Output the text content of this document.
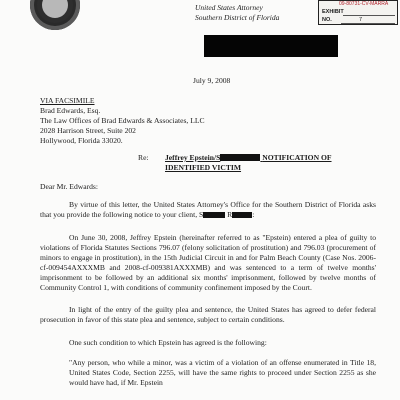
United States Attorney
Southern District of Florida
09-80731-CV-MARRA
EXHIBIT
NO.	7
July 9, 2008
VIA FACSIMILE
Brad Edwards, Esq.
The Law Offices of Brad Edwards & Associates, LLC
2028 Harrison Street, Suite 202
Hollywood, Florida 33020.
Re: Jeffrey Epstein/S	NOTIFICATION OF IDENTIFIED VICTIM
Dear Mr. Edwards:
By virtue of this letter, the United States Attorney's Office for the Southern District of Florida asks that you provide the following notice to your client, S	R	:
On June 30, 2008, Jeffrey Epstein (hereinafter referred to as "Epstein) entered a plea of guilty to violations of Florida Statutes Sections 796.07 (felony solicitation of prostitution) and 796.03 (procurement of minors to engage in prostitution), in the 15th Judicial Circuit in and for Palm Beach County (Case Nos. 2006-cf-009454AXXXMB and 2008-cf-009381AXXXMB) and was sentenced to a term of twelve months' imprisonment to be followed by an additional six months' imprisonment, followed by twelve months of Community Control 1, with conditions of community confinement imposed by the Court.
In light of the entry of the guilty plea and sentence, the United States has agreed to defer federal prosecution in favor of this state plea and sentence, subject to certain conditions.
One such condition to which Epstein has agreed is the following:
"Any person, who while a minor, was a victim of a violation of an offense enumerated in Title 18, United States Code, Section 2255, will have the same rights to proceed under Section 2255 as she would have had, if Mr. Epstein
